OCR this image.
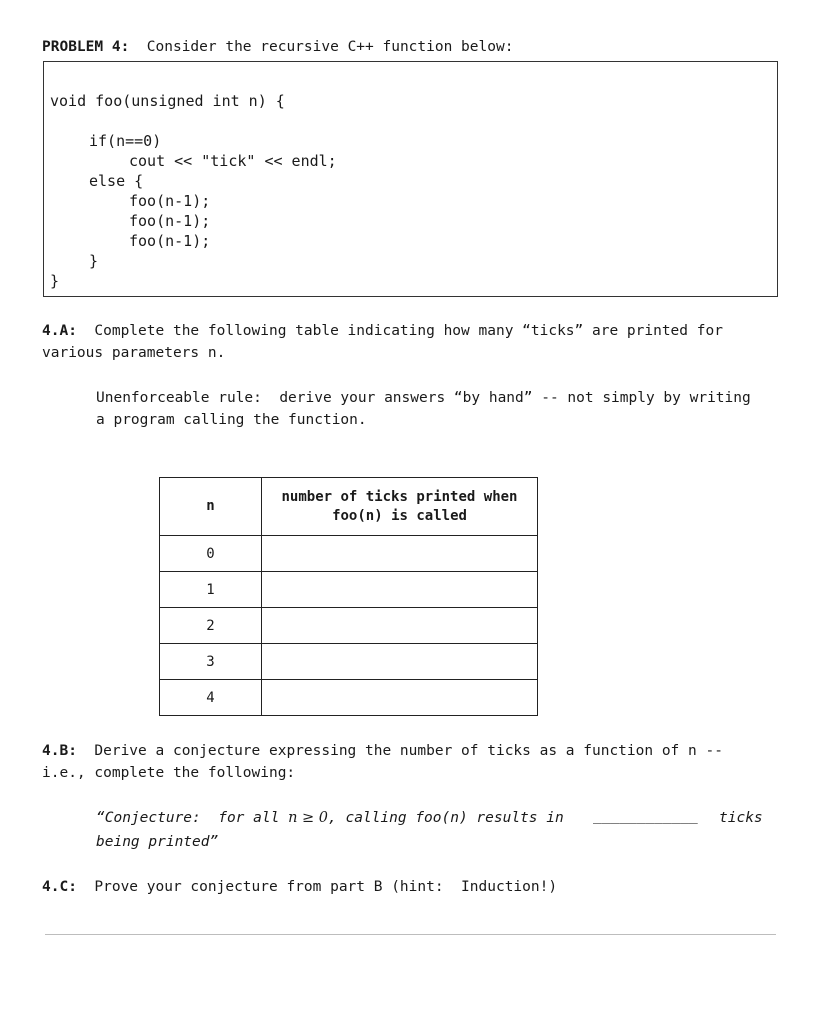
PROBLEM 4: Consider the recursive C++ function below:
void foo(unsigned int n) {
if(n==0)
cout << "tick" << endl;
else {
foo(n-1);
foo(n-1);
foo(n-1);
}
}
4.A: Complete the following table indicating how many “ticks” are printed for
various parameters n.
Unenforceable rule:  derive your answers “by hand” -- not simply by writing
a program calling the function.
n	number of ticks printed when
foo(n) is called

0	
1	
2	
3	
4	
4.B: Derive a conjecture expressing the number of ticks as a function of n --
i.e., complete the following:
“Conjecture:  for all n ≥ 0, calling foo(n) results in ____________ ticks
being printed”
4.C: Prove your conjecture from part B (hint:  Induction!)
